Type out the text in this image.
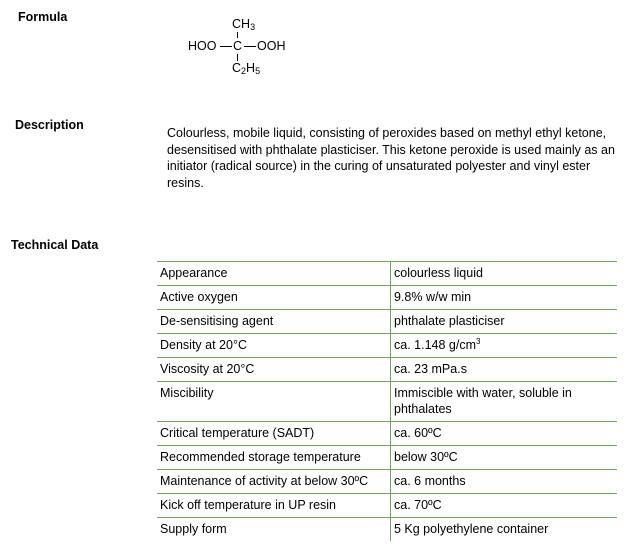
Formula	$CH_3$
HOO C OOH
$C_2H_5$
Description
Colourless, mobile liquid, consisting of peroxides based on methyl ethyl ketone, desensitised with phthalate plasticiser. This ketone peroxide is used mainly as an initiator (radical source) in the curing of unsaturated polyester and vinyl ester resins.
Technical Data
Appearance	colourless liquid
Active oxygen	9.8% w/w min
De-sensitising agent	phthalate plasticiser
Density at 20°C	ca. 1.148 $g/cm^3$
Viscosity at 20°C	ca. 23 mPa.s
Miscibility	Immiscible with water, soluble in phthalates
Critical temperature (SADT)	ca. 60ºC
Recommended storage temperature	below 30ºC
Maintenance of activity at below 30ºC	ca. 6 months
Kick off temperature in UP resin	ca. 70ºC
Supply form	5 Kg polyethylene container
